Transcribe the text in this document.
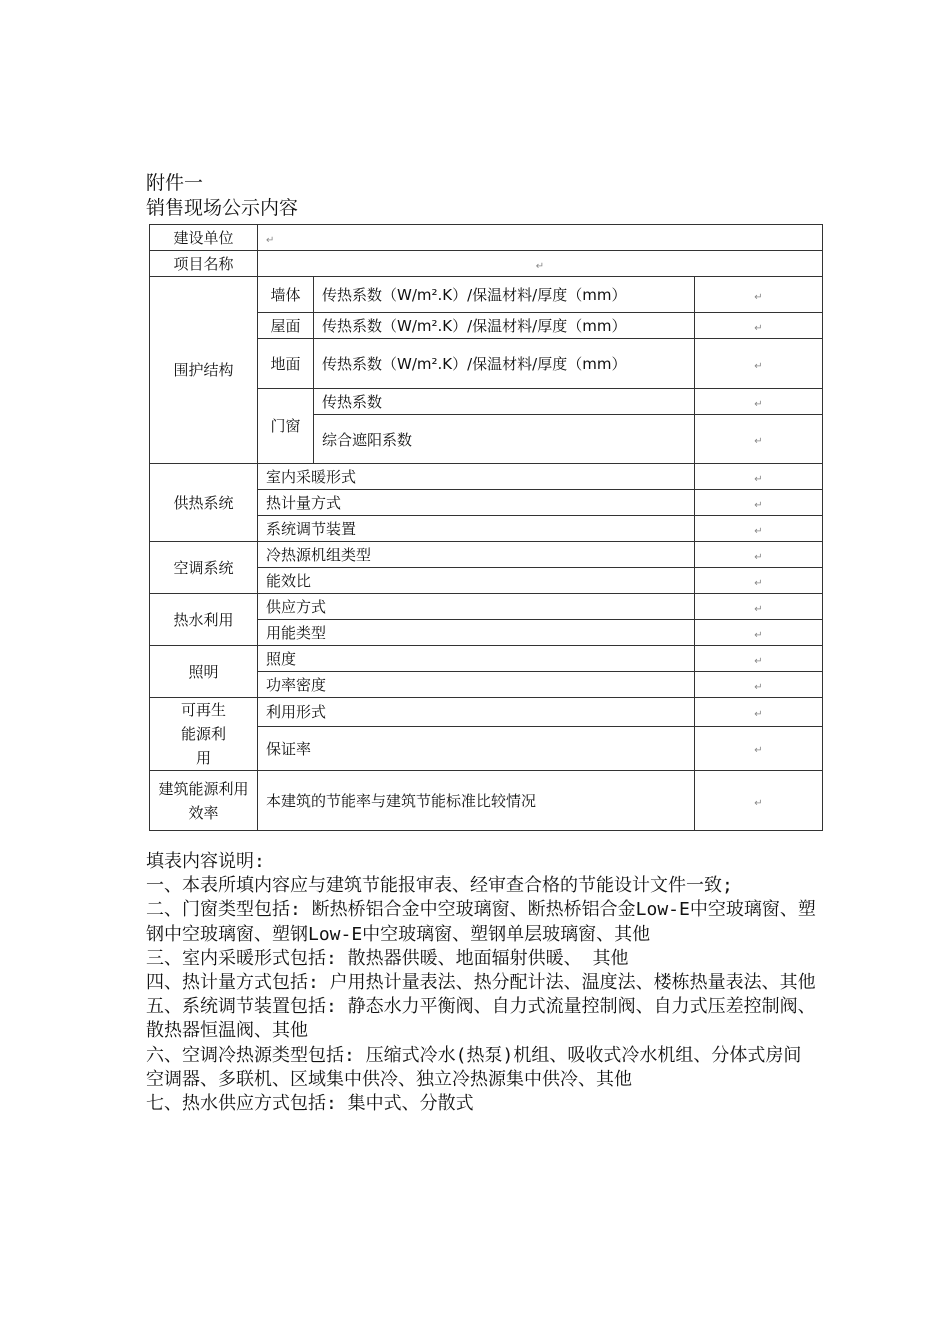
附件一
销售现场公示内容
建设单位	↵		
项目名称	↵		
围护结构	墙体	传热系数（W/m².K）/保温材料/厚度（mm）	↵
	屋面	传热系数（W/m².K）/保温材料/厚度（mm）	↵
	地面	传热系数（W/m².K）/保温材料/厚度（mm）	↵
	门窗	传热系数	↵
		综合遮阳系数	↵
供热系统	室内采暖形式		↵
	热计量方式		↵
	系统调节装置		↵
空调系统	冷热源机组类型		↵
	能效比		↵
热水利用	供应方式		↵
	用能类型		↵
照明	照度		↵
	功率密度		↵
可再生能源利用	利用形式		↵
	保证率		↵
建筑能源利用效率	本建筑的节能率与建筑节能标准比较情况		↵
填表内容说明:
一、本表所填内容应与建筑节能报审表、经审查合格的节能设计文件一致;
二、门窗类型包括: 断热桥铝合金中空玻璃窗、断热桥铝合金Low-E中空玻璃窗、塑钢中空玻璃窗、塑钢Low-E中空玻璃窗、塑钢单层玻璃窗、其他
三、室内采暖形式包括: 散热器供暖、地面辐射供暖、 其他
四、热计量方式包括: 户用热计量表法、热分配计法、温度法、楼栋热量表法、其他
五、系统调节装置包括: 静态水力平衡阀、自力式流量控制阀、自力式压差控制阀、散热器恒温阀、其他
六、空调冷热源类型包括: 压缩式冷水(热泵)机组、吸收式冷水机组、分体式房间空调器、多联机、区域集中供冷、独立冷热源集中供冷、其他
七、热水供应方式包括: 集中式、分散式
